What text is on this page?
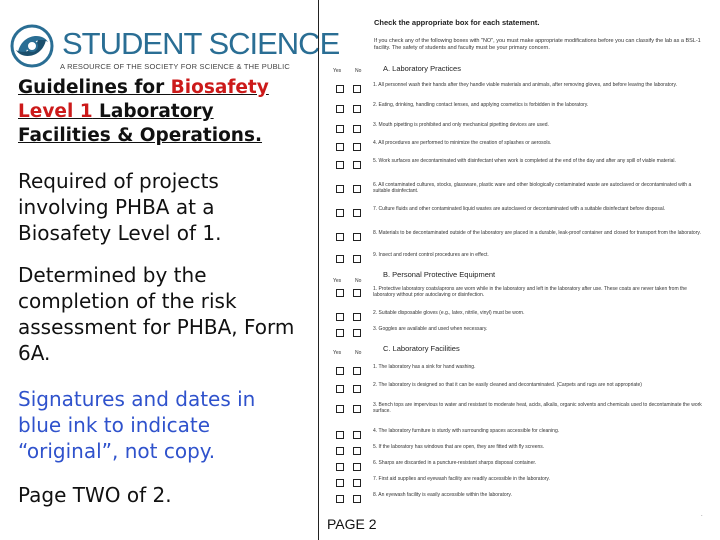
STUDENT SCIENCE
A RESOURCE OF THE SOCIETY FOR SCIENCE & THE PUBLIC
Guidelines for Biosafety Level 1 Laboratory Facilities & Operations.
Required of projects involving PHBA at a Biosafety Level of 1.
Determined by the completion of the risk assessment for PHBA, Form 6A.
Signatures and dates in blue ink to indicate “original”, not copy.
Page TWO of 2.
Check the appropriate box for each statement.
If you check any of the following boxes with "NO", you must make appropriate modifications before you can classify the lab as a BSL-1 facility. The safety of students and faculty must be your primary concern.
Yes	No	A. Laboratory Practices
1. All personnel wash their hands after they handle viable materials and animals, after removing gloves, and before leaving the laboratory.
2. Eating, drinking, handling contact lenses, and applying cosmetics is forbidden in the laboratory.
3. Mouth pipetting is prohibited and only mechanical pipetting devices are used.
4. All procedures are performed to minimize the creation of splashes or aerosols.
5. Work surfaces are decontaminated with disinfectant when work is completed at the end of the day and after any spill of viable material.
6. All contaminated cultures, stocks, glassware, plastic ware and other biologically contaminated waste are autoclaved or decontaminated with a suitable disinfectant.
7. Culture fluids and other contaminated liquid wastes are autoclaved or decontaminated with a suitable disinfectant before disposal.
8. Materials to be decontaminated outside of the laboratory are placed in a durable, leak-proof container and closed for transport from the laboratory.
9. Insect and rodent control procedures are in effect.
Yes	No
B. Personal Protective Equipment
1. Protective laboratory coats/aprons are worn while in the laboratory and left in the laboratory after use. These coats are never taken from the laboratory without prior autoclaving or disinfection.
2. Suitable disposable gloves (e.g., latex, nitrile, vinyl) must be worn.
3. Goggles are available and used when necessary.
Yes	No	C. Laboratory Facilities
1. The laboratory has a sink for hand washing.
2. The laboratory is designed so that it can be easily cleaned and decontaminated. (Carpets and rugs are not appropriate)
3. Bench tops are impervious to water and resistant to moderate heat, acids, alkalis, organic solvents and chemicals used to decontaminate the work surface.
4. The laboratory furniture is sturdy with surrounding spaces accessible for cleaning.
5. If the laboratory has windows that are open, they are fitted with fly screens.
6. Sharps are discarded in a puncture-resistant sharps disposal container.
7. First aid supplies and eyewash facility are readily accessible in the laboratory.
8. An eyewash facility is easily accessible within the laboratory.
PAGE 2
.
